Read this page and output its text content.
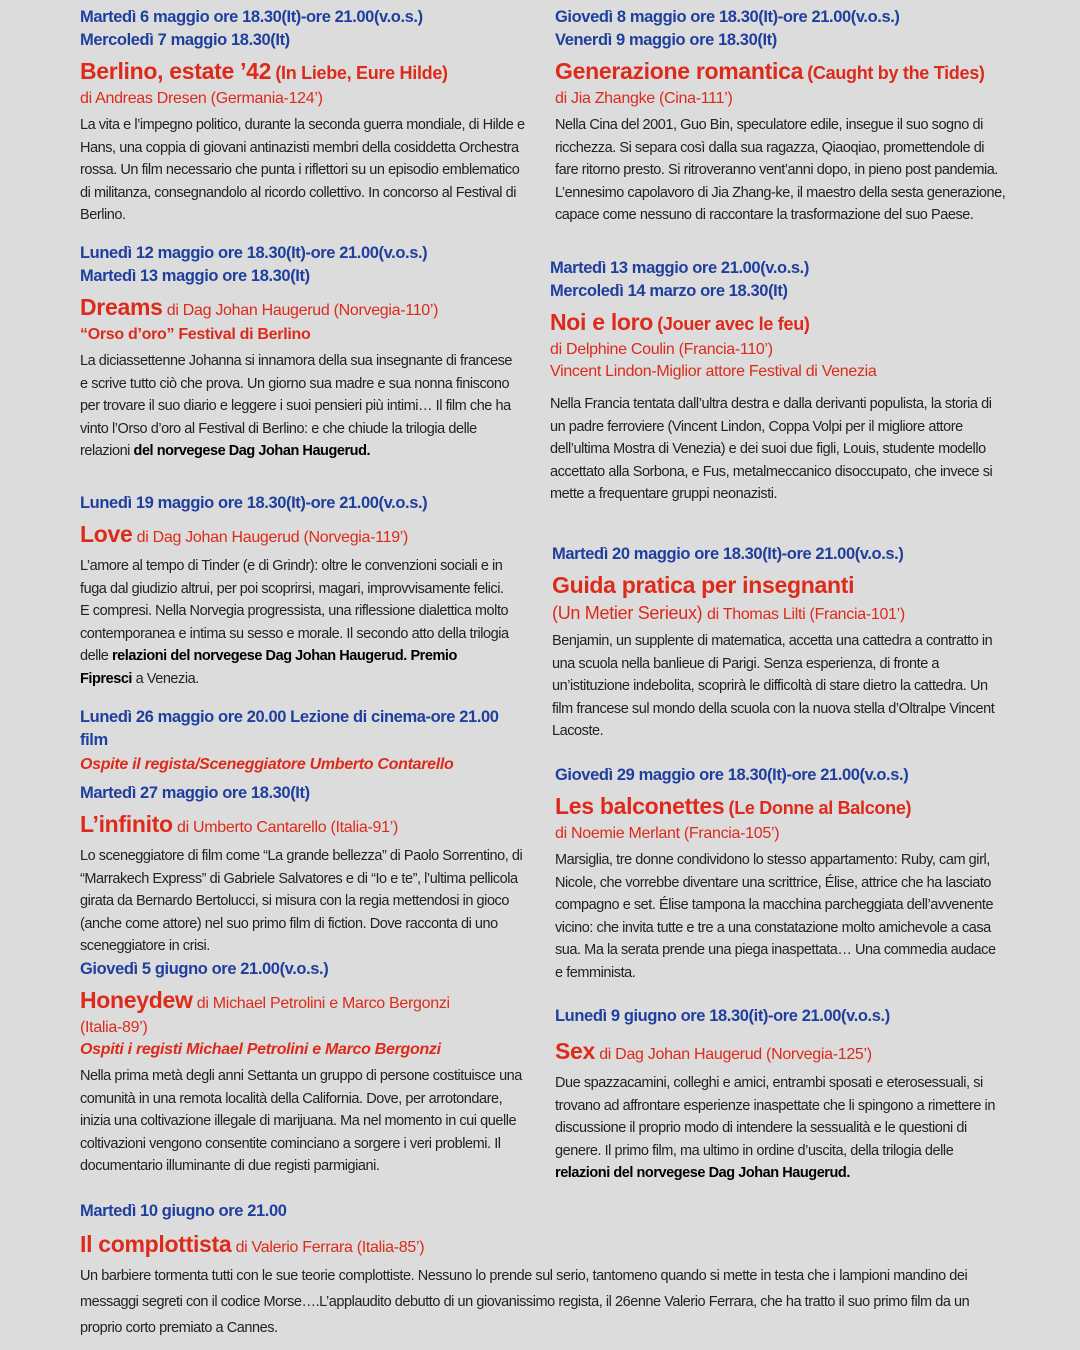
Martedì 6 maggio ore 18.30(It)-ore 21.00(v.o.s.)
Mercoledì 7 maggio 18.30(It)
Berlino, estate ’42 (In Liebe, Eure Hilde)
di Andreas Dresen (Germania-124’)
La vita e l’impegno politico, durante la seconda guerra mondiale, di Hilde e Hans, una coppia di giovani antinazisti membri della cosiddetta Orchestra rossa. Un film necessario che punta i riflettori su un episodio emblematico di militanza, consegnandolo al ricordo collettivo. In concorso al Festival di Berlino.
Giovedì 8 maggio ore 18.30(It)-ore 21.00(v.o.s.)
Venerdì 9 maggio ore 18.30(It)
Generazione romantica (Caught by the Tides)
di Jia Zhangke (Cina-111’)
Nella Cina del 2001, Guo Bin, speculatore edile, insegue il suo sogno di ricchezza. Si separa così dalla sua ragazza, Qiaoqiao, promettendole di fare ritorno presto. Si ritroveranno vent’anni dopo, in pieno post pandemia. L’ennesimo capolavoro di Jia Zhang-ke, il maestro della sesta generazione, capace come nessuno di raccontare la trasformazione del suo Paese.
Lunedì 12 maggio ore 18.30(It)-ore 21.00(v.o.s.)
Martedì 13 maggio ore 18.30(It)
Dreams di Dag Johan Haugerud (Norvegia-110’)
“Orso d’oro” Festival di Berlino
La diciassettenne Johanna si innamora della sua insegnante di francese e scrive tutto ciò che prova. Un giorno sua madre e sua nonna finiscono per trovare il suo diario e leggere i suoi pensieri più intimi… Il film che ha vinto l’Orso d’oro al Festival di Berlino: e che chiude la trilogia delle relazioni del norvegese Dag Johan Haugerud.
Martedì 13 maggio ore 21.00(v.o.s.)
Mercoledì 14 marzo ore 18.30(It)
Noi e loro (Jouer avec le feu)
di Delphine Coulin (Francia-110’)
Vincent Lindon-Miglior attore Festival di Venezia
Nella Francia tentata dall’ultra destra e dalla derivanti populista, la storia di un padre ferroviere (Vincent Lindon, Coppa Volpi per il migliore attore dell’ultima Mostra di Venezia) e dei suoi due figli, Louis, studente modello accettato alla Sorbona, e Fus, metalmeccanico disoccupato, che invece si mette a frequentare gruppi neonazisti.
Lunedì 19 maggio ore 18.30(It)-ore 21.00(v.o.s.)
Love di Dag Johan Haugerud (Norvegia-119’)
L’amore al tempo di Tinder (e di Grindr): oltre le convenzioni sociali e in fuga dal giudizio altrui, per poi scoprirsi, magari, improvvisamente felici. E compresi. Nella Norvegia progressista, una riflessione dialettica molto contemporanea e intima su sesso e morale. Il secondo atto della trilogia delle relazioni del norvegese Dag Johan Haugerud. Premio Fipresci a Venezia.
Martedì 20 maggio ore 18.30(It)-ore 21.00(v.o.s.)
Guida pratica per insegnanti
(Un Metier Serieux) di Thomas Lilti (Francia-101’)
Benjamin, un supplente di matematica, accetta una cattedra a contratto in una scuola nella banlieue di Parigi. Senza esperienza, di fronte a un’istituzione indebolita, scoprirà le difficoltà di stare dietro la cattedra. Un film francese sul mondo della scuola con la nuova stella d’Oltralpe Vincent Lacoste.
Lunedì 26 maggio ore 20.00 Lezione di cinema-ore 21.00 film
Ospite il regista/Sceneggiatore Umberto Contarello
Martedì 27 maggio ore 18.30(It)
L’infinito di Umberto Cantarello (Italia-91’)
Lo sceneggiatore di film come “La grande bellezza” di Paolo Sorrentino, di “Marrakech Express” di Gabriele Salvatores e di “Io e te”, l’ultima pellicola girata da Bernardo Bertolucci, si misura con la regia mettendosi in gioco (anche come attore) nel suo primo film di fiction. Dove racconta di uno sceneggiatore in crisi.
Giovedì 29 maggio ore 18.30(It)-ore 21.00(v.o.s.)
Les balconettes (Le Donne al Balcone)
di Noemie Merlant (Francia-105’)
Marsiglia, tre donne condividono lo stesso appartamento: Ruby, cam girl, Nicole, che vorrebbe diventare una scrittrice, Élise, attrice che ha lasciato compagno e set. Élise tampona la macchina parcheggiata dell’avvenente vicino: che invita tutte e tre a una constatazione molto amichevole a casa sua. Ma la serata prende una piega inaspettata… Una commedia audace e femminista.
Giovedì 5 giugno ore 21.00(v.o.s.)
Honeydew di Michael Petrolini e Marco Bergonzi
(Italia-89’)
Ospiti i registi Michael Petrolini e Marco Bergonzi
Nella prima metà degli anni Settanta un gruppo di persone costituisce una comunità in una remota località della California. Dove, per arrotondare, inizia una coltivazione illegale di marijuana. Ma nel momento in cui quelle coltivazioni vengono consentite cominciano a sorgere i veri problemi. Il documentario illuminante di due registi parmigiani.
Lunedì 9 giugno ore 18.30(it)-ore 21.00(v.o.s.)
Sex di Dag Johan Haugerud (Norvegia-125’)
Due spazzacamini, colleghi e amici, entrambi sposati e eterosessuali, si trovano ad affrontare esperienze inaspettate che li spingono a rimettere in discussione il proprio modo di intendere la sessualità e le questioni di genere. Il primo film, ma ultimo in ordine d’uscita, della trilogia delle relazioni del norvegese Dag Johan Haugerud.
Martedì 10 giugno ore 21.00
Il complottista di Valerio Ferrara (Italia-85’)
Un barbiere tormenta tutti con le sue teorie complottiste. Nessuno lo prende sul serio, tantomeno quando si mette in testa che i lampioni mandino dei messaggi segreti con il codice Morse….L’applaudito debutto di un giovanissimo regista, il 26enne Valerio Ferrara, che ha tratto il suo primo film da un proprio corto premiato a Cannes.
